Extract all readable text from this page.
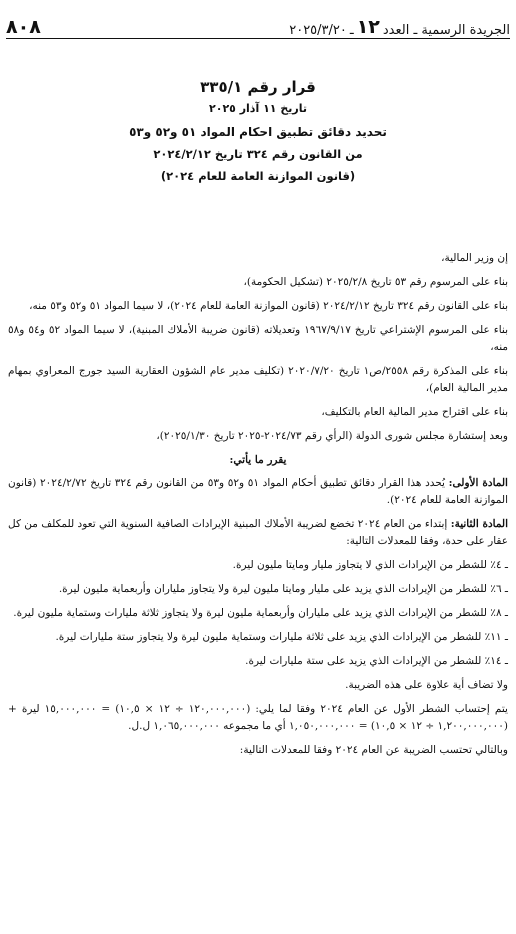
الجريدة الرسمية ـ العدد
١٢
ـ
٢٠٢٥/٣/٢٠
٨٠٨
قرار رقم ٣٣٥/١
تاريخ ١١ آذار ٢٠٢٥
تحديد دقائق تطبيق احكام المواد ٥١ و٥٢ و٥٣
من القانون رقم ٣٢٤ تاريخ ٢٠٢٤/٢/١٢
(قانون الموازنة العامة للعام ٢٠٢٤)

إن وزير المالية،

بناء على المرسوم رقم ٥٣ تاريخ ٢٠٢٥/٢/٨ (تشكيل الحكومة)،

بناء على القانون رقم ٣٢٤ تاريخ ٢٠٢٤/٢/١٢ (قانون الموازنة العامة للعام ٢٠٢٤)، لا سيما المواد ٥١ و٥٢ و٥٣ منه،

بناء على المرسوم الإشتراعي تاريخ ١٩٦٧/٩/١٧ وتعديلاته (قانون ضريبة الأملاك المبنية)، لا سيما المواد ٥٢ و٥٤ و٥٨ منه،

بناء على المذكرة رقم ٢٥٥٨/ص١ تاريخ ٢٠٢٠/٧/٢٠ (تكليف مدير عام الشؤون العقارية السيد جورج المعراوي بمهام مدير المالية العام)،

بناء على اقتراح مدير المالية العام بالتكليف،

وبعد إستشارة مجلس شورى الدولة (الرأي رقم ٢٠٢٤/٧٣-٢٠٢٥ تاريخ ٢٠٢٥/١/٣٠)،

يقرر ما يأتي:

المادة الأولى: يُحدد هذا القرار دقائق تطبيق أحكام المواد ٥١ و٥٢ و٥٣ من القانون رقم ٣٢٤ تاريخ ٢٠٢٤/٢/٧٢ (قانون الموازنة العامة للعام ٢٠٢٤).

المادة الثانية: إبتداء من العام ٢٠٢٤ تخضع لضريبة الأملاك المبنية الإيرادات الصافية السنوية التي تعود للمكلف من كل عقار على حدة، وفقا للمعدلات التالية:

ـ ٤٪ للشطر من الإيرادات الذي لا يتجاوز مليار ومايتا مليون ليرة.

ـ ٦٪ للشطر من الإيرادات الذي يزيد على مليار ومايتا مليون ليرة ولا يتجاوز ملياران وأربعماية مليون ليرة.

ـ ٨٪ للشطر من الإيرادات الذي يزيد على ملياران وأربعماية مليون ليرة ولا يتجاوز ثلاثة مليارات وستماية مليون ليرة.

ـ ١١٪ للشطر من الإيرادات الذي يزيد على ثلاثة مليارات وستماية مليون ليرة ولا يتجاوز ستة مليارات ليرة.

ـ ١٤٪ للشطر من الإيرادات الذي يزيد على ستة مليارات ليرة.

ولا تضاف أية علاوة على هذه الضريبة.

يتم إحتساب الشطر الأول عن العام ٢٠٢٤ وفقا لما يلي: (١٢٠,٠٠٠,٠٠٠ ÷ ١٢ × ١٠,٥) = ١٥,٠٠٠,٠٠٠ ليرة + (١,٢٠٠,٠٠٠,٠٠٠ ÷ ١٢ × ١٠,٥) = ١,٠٥٠,٠٠٠,٠٠٠ أي ما مجموعه ١,٠٦٥,٠٠٠,٠٠٠ ل.ل.

وبالتالي تحتسب الضريبة عن العام ٢٠٢٤ وفقا للمعدلات التالية:
